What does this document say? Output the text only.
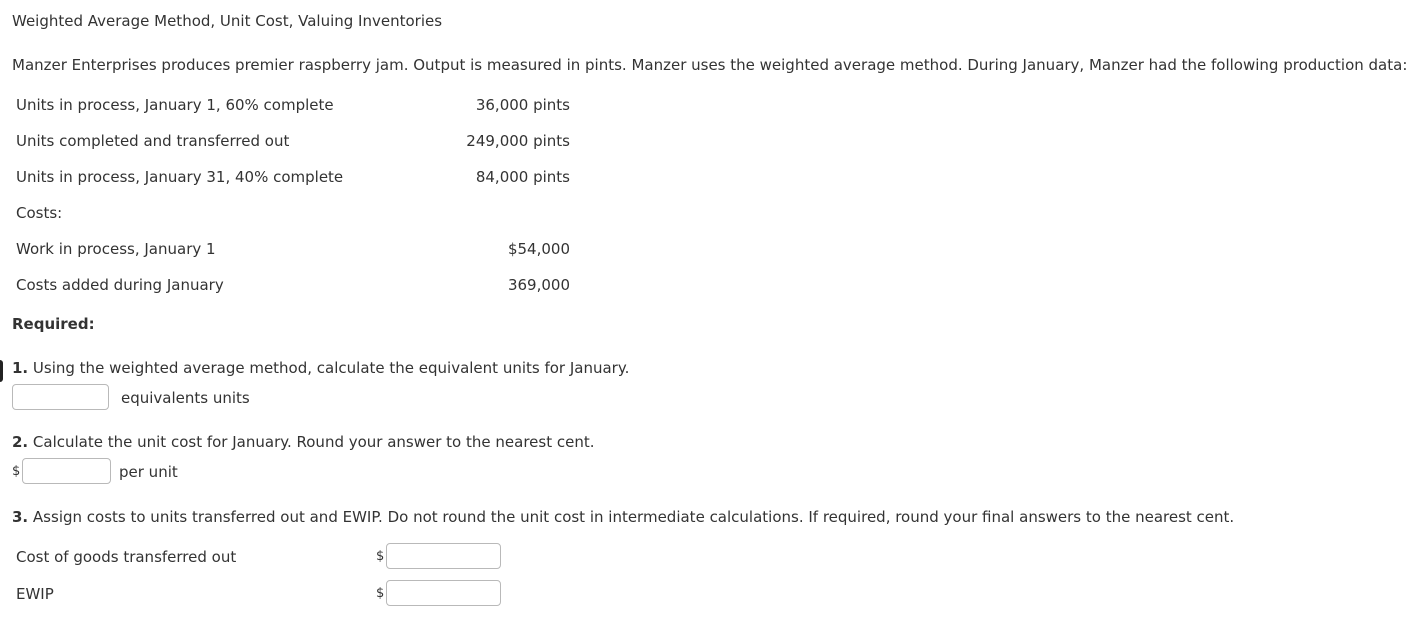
Weighted Average Method, Unit Cost, Valuing Inventories
Manzer Enterprises produces premier raspberry jam. Output is measured in pints. Manzer uses the weighted average method. During January, Manzer had the following production data:
Units in process, January 1, 60% complete	36,000 pints
Units completed and transferred out	249,000 pints
Units in process, January 31, 40% complete	84,000 pints
Costs:
Work in process, January 1	$54,000
Costs added during January	369,000
Required:
1. Using the weighted average method, calculate the equivalent units for January.
equivalents units
2. Calculate the unit cost for January. Round your answer to the nearest cent.
$	per unit
3. Assign costs to units transferred out and EWIP. Do not round the unit cost in intermediate calculations. If required, round your final answers to the nearest cent.
Cost of goods transferred out	$
EWIP	$
